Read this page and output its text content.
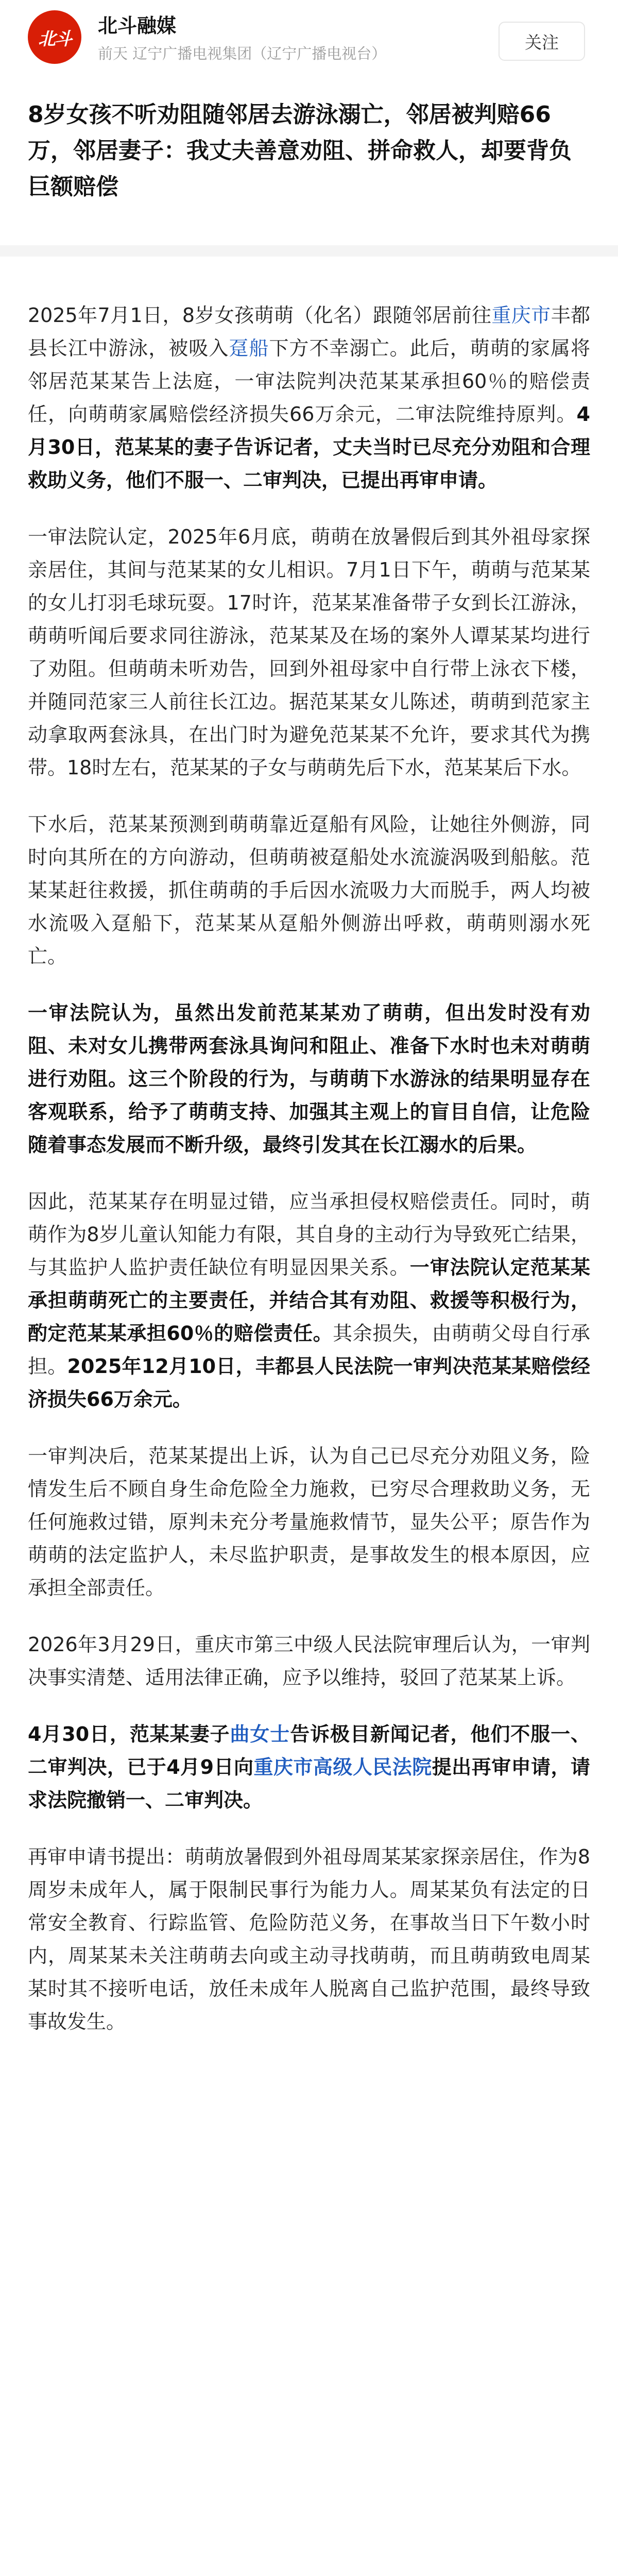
北斗
北斗融媒
前天 辽宁广播电视集团（辽宁广播电视台）
关注
8岁女孩不听劝阻随邻居去游泳溺亡，邻居被判赔66万，邻居妻子：我丈夫善意劝阻、拼命救人，却要背负巨额赔偿

2025年7月1日，8岁女孩萌萌（化名）跟随邻居前往重庆市丰都县长江中游泳，被吸入趸船下方不幸溺亡。此后，萌萌的家属将邻居范某某告上法庭，一审法院判决范某某承担60％的赔偿责任，向萌萌家属赔偿经济损失66万余元，二审法院维持原判。4月30日，范某某的妻子告诉记者，丈夫当时已尽充分劝阻和合理救助义务，他们不服一、二审判决，已提出再审申请。

一审法院认定，2025年6月底，萌萌在放暑假后到其外祖母家探亲居住，其间与范某某的女儿相识。7月1日下午，萌萌与范某某的女儿打羽毛球玩耍。17时许，范某某准备带子女到长江游泳，萌萌听闻后要求同往游泳，范某某及在场的案外人谭某某均进行了劝阻。但萌萌未听劝告，回到外祖母家中自行带上泳衣下楼，并随同范家三人前往长江边。据范某某女儿陈述，萌萌到范家主动拿取两套泳具，在出门时为避免范某某不允许，要求其代为携带。18时左右，范某某的子女与萌萌先后下水，范某某后下水。

下水后，范某某预测到萌萌靠近趸船有风险，让她往外侧游，同时向其所在的方向游动，但萌萌被趸船处水流漩涡吸到船舷。范某某赶往救援，抓住萌萌的手后因水流吸力大而脱手，两人均被水流吸入趸船下，范某某从趸船外侧游出呼救，萌萌则溺水死亡。

一审法院认为，虽然出发前范某某劝了萌萌，但出发时没有劝阻、未对女儿携带两套泳具询问和阻止、准备下水时也未对萌萌进行劝阻。这三个阶段的行为，与萌萌下水游泳的结果明显存在客观联系，给予了萌萌支持、加强其主观上的盲目自信，让危险随着事态发展而不断升级，最终引发其在长江溺水的后果。

因此，范某某存在明显过错，应当承担侵权赔偿责任。同时，萌萌作为8岁儿童认知能力有限，其自身的主动行为导致死亡结果，与其监护人监护责任缺位有明显因果关系。一审法院认定范某某承担萌萌死亡的主要责任，并结合其有劝阻、救援等积极行为，酌定范某某承担60％的赔偿责任。其余损失，由萌萌父母自行承担。2025年12月10日，丰都县人民法院一审判决范某某赔偿经济损失66万余元。

一审判决后，范某某提出上诉，认为自己已尽充分劝阻义务，险情发生后不顾自身生命危险全力施救，已穷尽合理救助义务，无任何施救过错，原判未充分考量施救情节，显失公平；原告作为萌萌的法定监护人，未尽监护职责，是事故发生的根本原因，应承担全部责任。

2026年3月29日，重庆市第三中级人民法院审理后认为，一审判决事实清楚、适用法律正确，应予以维持，驳回了范某某上诉。

4月30日，范某某妻子曲女士告诉极目新闻记者，他们不服一、二审判决，已于4月9日向重庆市高级人民法院提出再审申请，请求法院撤销一、二审判决。

再审申请书提出：萌萌放暑假到外祖母周某某家探亲居住，作为8周岁未成年人，属于限制民事行为能力人。周某某负有法定的日常安全教育、行踪监管、危险防范义务，在事故当日下午数小时内，周某某未关注萌萌去向或主动寻找萌萌，而且萌萌致电周某某时其不接听电话，放任未成年人脱离自己监护范围，最终导致事故发生。
